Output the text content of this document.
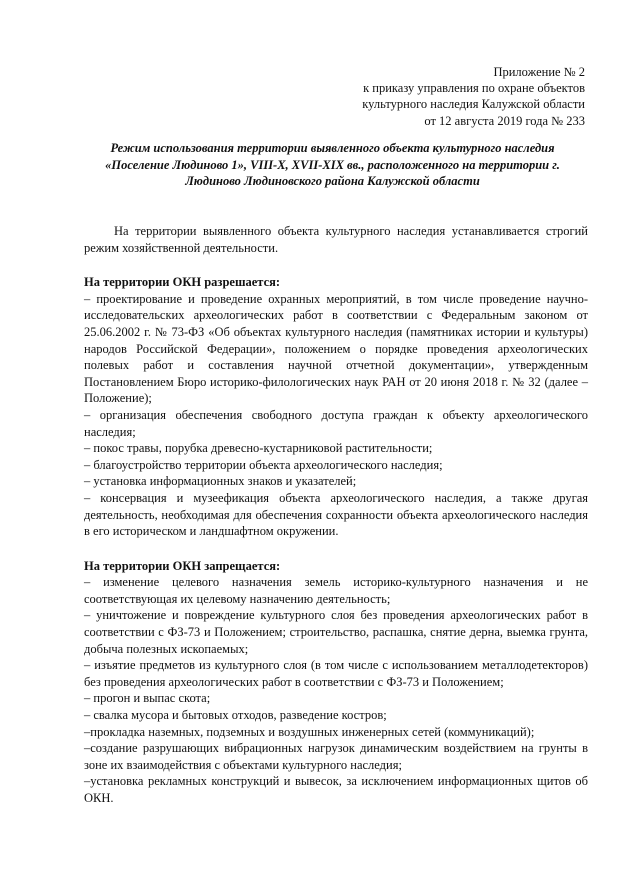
Приложение № 2
к приказу управления по охране объектов
культурного наследия Калужской области
от 12 августа 2019 года № 233
Режим использования территории выявленного объекта культурного наследия «Поселение Людиново 1», VIII-X, XVII-XIX вв., расположенного на территории г. Людиново Людиновского района Калужской области

На территории выявленного объекта культурного наследия устанавливается строгий режим хозяйственной деятельности.

На территории ОКН разрешается:

– проектирование и проведение охранных мероприятий, в том числе проведение научно-исследовательских археологических работ в соответствии с Федеральным законом от 25.06.2002 г. № 73-ФЗ «Об объектах культурного наследия (памятниках истории и культуры) народов Российской Федерации», положением о порядке проведения археологических полевых работ и составления научной отчетной документации», утвержденным Постановлением Бюро историко-филологических наук РАН от 20 июня 2018 г. № 32 (далее – Положение);

– организация обеспечения свободного доступа граждан к объекту археологического наследия;

– покос травы, порубка древесно-кустарниковой растительности;

– благоустройство территории объекта археологического наследия;

– установка информационных знаков и указателей;

– консервация и музеефикация объекта археологического наследия, а также другая деятельность, необходимая для обеспечения сохранности объекта археологического наследия в его историческом и ландшафтном окружении.

На территории ОКН запрещается:

– изменение целевого назначения земель историко-культурного назначения и не соответствующая их целевому назначению деятельность;

– уничтожение и повреждение культурного слоя без проведения археологических работ в соответствии с ФЗ-73 и Положением; строительство, распашка, снятие дерна, выемка грунта, добыча полезных ископаемых;

– изъятие предметов из культурного слоя (в том числе с использованием металлодетекторов) без проведения археологических работ в соответствии с ФЗ-73 и Положением;

– прогон и выпас скота;

– свалка мусора и бытовых отходов, разведение костров;

–прокладка наземных, подземных и воздушных инженерных сетей (коммуникаций);

–создание разрушающих вибрационных нагрузок динамическим воздействием на грунты в зоне их взаимодействия с объектами культурного наследия;

–установка рекламных конструкций и вывесок, за исключением информационных щитов об ОКН.
